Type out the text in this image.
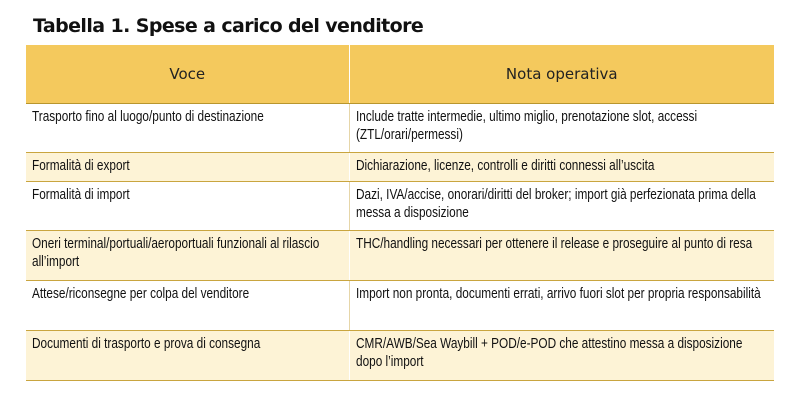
Tabella 1. Spese a carico del venditore
Voce	Nota operativa
Trasporto fino al luogo/punto di destinazione	Include tratte intermedie, ultimo miglio, prenotazione slot, accessi (ZTL/orari/permessi)
Formalità di export	Dichiarazione, licenze, controlli e diritti connessi all’uscita
Formalità di import	Dazi, IVA/accise, onorari/diritti del broker; import già perfezionata prima della messa a disposizione
Oneri terminal/portuali/aeroportuali funzionali al rilascio all’import	THC/handling necessari per ottenere il release e proseguire al punto di resa
Attese/riconsegne per colpa del venditore	Import non pronta, documenti errati, arrivo fuori slot per propria responsabilità
Documenti di trasporto e prova di consegna	CMR/AWB/Sea Waybill + POD/e-POD che attestino messa a disposizione dopo l’import
